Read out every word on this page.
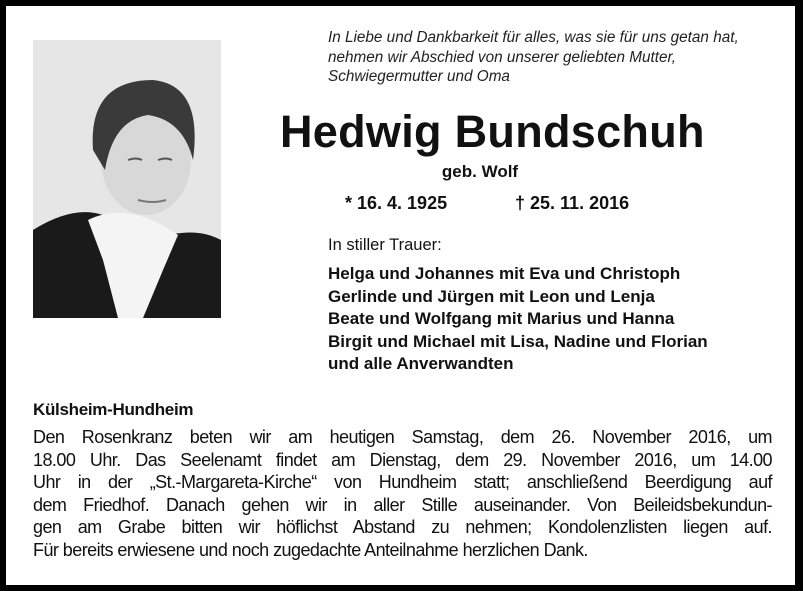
In Liebe und Dankbarkeit für alles, was sie für uns getan hat,
nehmen wir Abschied von unserer geliebten Mutter,
Schwiegermutter und Oma
Hedwig Bundschuh
geb. Wolf
* 16. 4. 1925	† 25. 11. 2016
In stiller Trauer:
Helga und Johannes mit Eva und Christoph
Gerlinde und Jürgen mit Leon und Lenja
Beate und Wolfgang mit Marius und Hanna
Birgit und Michael mit Lisa, Nadine und Florian
und alle Anverwandten
Külsheim-Hundheim
Den Rosenkranz beten wir am heutigen Samstag, dem 26. November 2016, um
18.00 Uhr. Das Seelenamt findet am Dienstag, dem 29. November 2016, um 14.00
Uhr in der „St.-Margareta-Kirche“ von Hundheim statt; anschließend Beerdigung auf
dem Friedhof. Danach gehen wir in aller Stille auseinander. Von Beileidsbekundun-
gen am Grabe bitten wir höflichst Abstand zu nehmen; Kondolenzlisten liegen auf.
Für bereits erwiesene und noch zugedachte Anteilnahme herzlichen Dank.
